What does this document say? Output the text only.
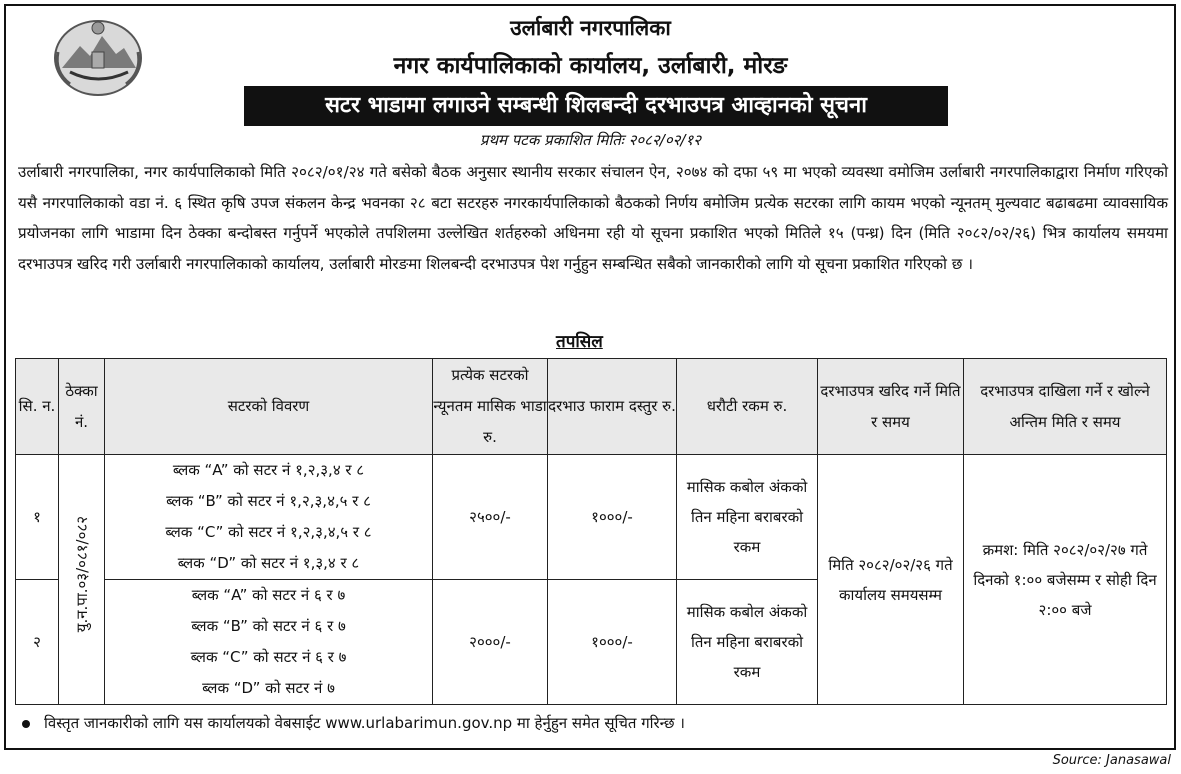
उर्लाबारी नगरपालिका
नगर कार्यपालिकाको कार्यालय, उर्लाबारी, मोरङ
सटर भाडामा लगाउने सम्बन्धी शिलबन्दी दरभाउपत्र आव्हानको सूचना
प्रथम पटक प्रकाशित मितिः २०८२/०२/१२

उर्लाबारी नगरपालिका, नगर कार्यपालिकाको मिति २०८२/०१/२४ गते बसेको बैठक अनुसार स्थानीय सरकार संचालन ऐन, २०७४ को दफा ५९ मा भएको व्यवस्था वमोजिम उर्लाबारी नगरपालिकाद्वारा निर्माण गरिएको यसै नगरपालिकाको वडा नं. ६ स्थित कृषि उपज संकलन केन्द्र भवनका २८ बटा सटरहरु नगरकार्यपालिकाको बैठकको निर्णय बमोजिम प्रत्येक सटरका लागि कायम भएको न्यूनतम् मुल्यवाट बढाबढमा व्यावसायिक प्रयोजनका लागि भाडामा दिन ठेक्का बन्दोबस्त गर्नुपर्ने भएकोले तपशिलमा उल्लेखित शर्तहरुको अधिनमा रही यो सूचना प्रकाशित भएको मितिले १५ (पन्ध्र) दिन (मिति २०८२/०२/२६) भित्र कार्यालय समयमा दरभाउपत्र खरिद गरी उर्लाबारी नगरपालिकाको कार्यालय, उर्लाबारी मोरङमा शिलबन्दी दरभाउपत्र पेश गर्नुहुन सम्बन्धित सबैको जानकारीको लागि यो सूचना प्रकाशित गरिएको छ ।

तपसिल
सि. न.	ठेक्का नं.	सटरको विवरण	प्रत्येक सटरको न्यूनतम मासिक भाडा रु.	दरभाउ फाराम दस्तुर रु.	धरौटी रकम रु.	दरभाउपत्र खरिद गर्ने मिति र समय	दरभाउपत्र दाखिला गर्ने र खोल्ने अन्तिम मिति र समय
१	यु.न.पा.०३/०८१/०८२	ब्लक “A” को सटर नं १,२,३,४ र ८
ब्लक “B” को सटर नं १,२,३,४,५ र ८
ब्लक “C” को सटर नं १,२,३,४,५ र ८
ब्लक “D” को सटर नं १,३,४ र ८	२५००/-	१०००/-	मासिक कबोल अंकको तिन महिना बराबरको रकम	मिति २०८२/०२/२६ गते कार्यालय समयसम्म	क्रमश: मिति २०८२/०२/२७ गते दिनको १:०० बजेसम्म र सोही दिन २:०० बजे
२		ब्लक “A” को सटर नं ६ र ७
ब्लक “B” को सटर नं ६ र ७
ब्लक “C” को सटर नं ६ र ७
ब्लक “D” को सटर नं ७	२०००/-	१०००/-	मासिक कबोल अंकको तिन महिना बराबरको रकम		
विस्तृत जानकारीको लागि यस कार्यालयको वेबसाईट www.urlabarimun.gov.np मा हेर्नुहुन समेत सूचित गरिन्छ ।
Source: Janasawal
